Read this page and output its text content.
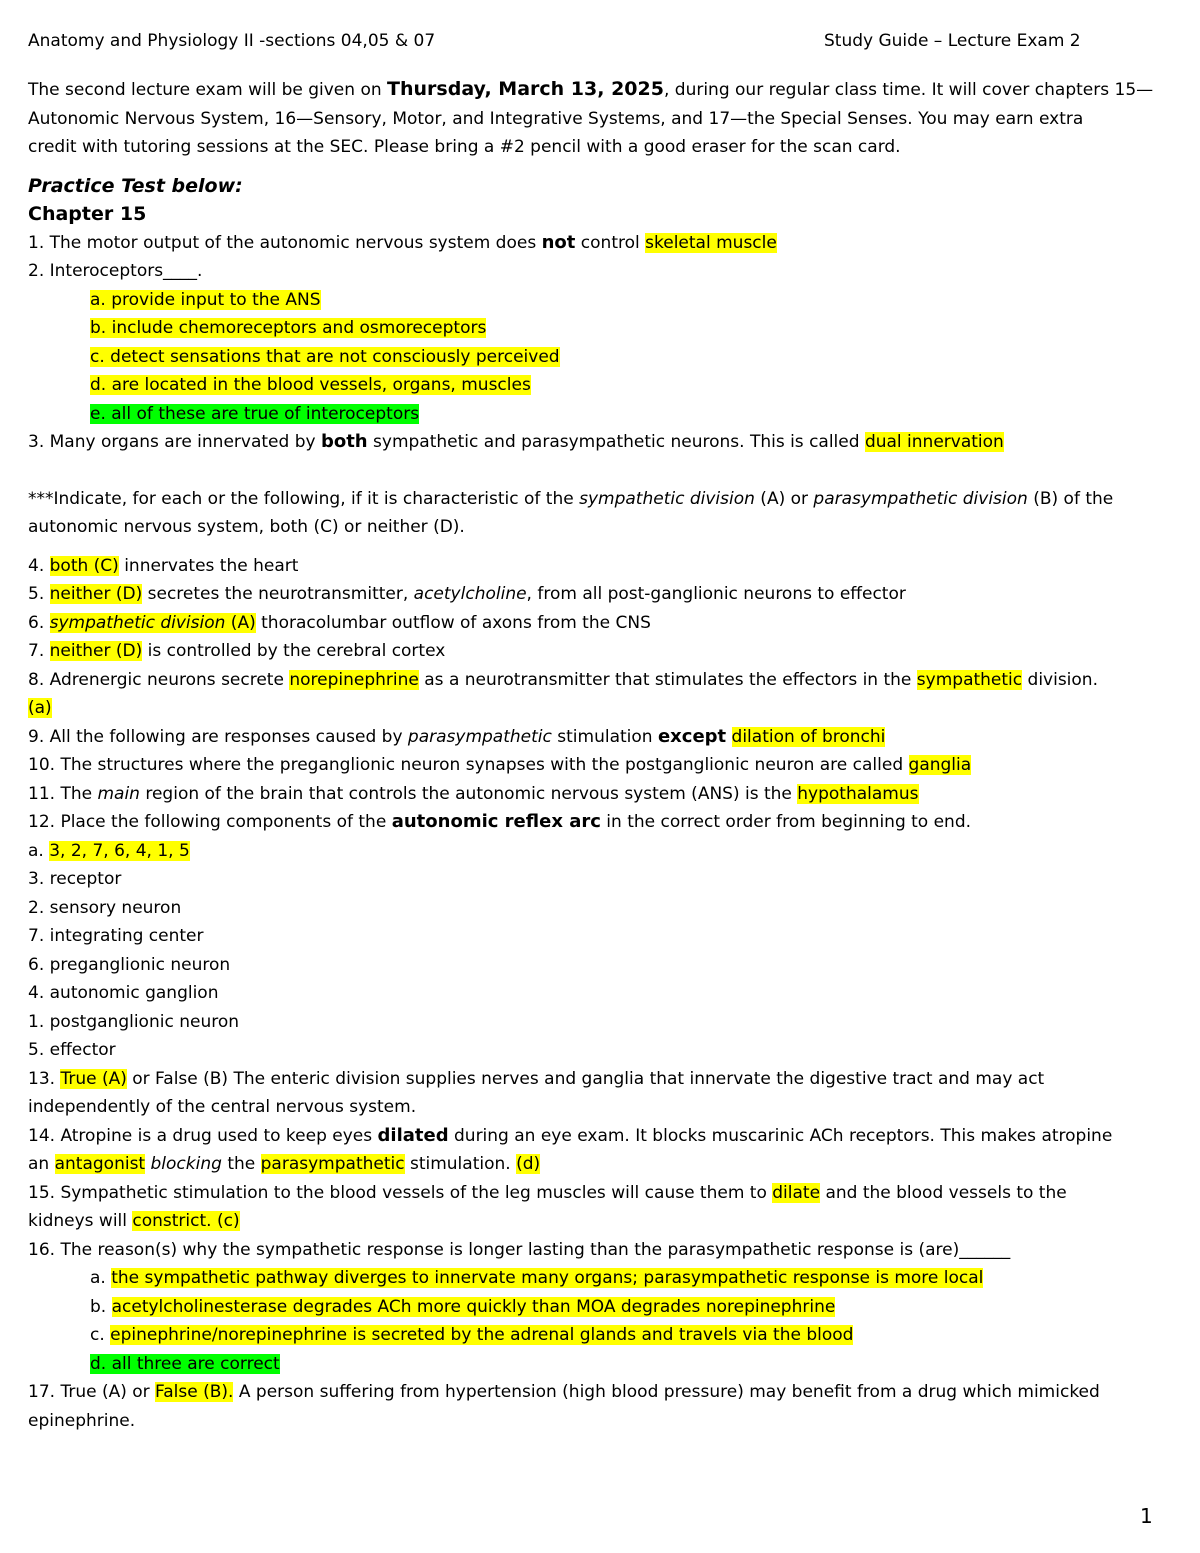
Anatomy and Physiology II -sections 04,05 & 07	Study Guide – Lecture Exam 2
The second lecture exam will be given on Thursday, March 13, 2025, during our regular class time. It will cover chapters 15—
Autonomic Nervous System, 16—Sensory, Motor, and Integrative Systems, and 17—the Special Senses. You may earn extra
credit with tutoring sessions at the SEC. Please bring a #2 pencil with a good eraser for the scan card.
Practice Test below:
Chapter 15
1. The motor output of the autonomic nervous system does not control skeletal muscle
2. Interoceptors____.
a. provide input to the ANS
b. include chemoreceptors and osmoreceptors
c. detect sensations that are not consciously perceived
d. are located in the blood vessels, organs, muscles
e. all of these are true of interoceptors
3. Many organs are innervated by both sympathetic and parasympathetic neurons. This is called dual innervation
***Indicate, for each or the following, if it is characteristic of the sympathetic division (A) or parasympathetic division (B) of the
autonomic nervous system, both (C) or neither (D).
4. both (C) innervates the heart
5. neither (D) secretes the neurotransmitter, acetylcholine, from all post-ganglionic neurons to effector
6. sympathetic division (A) thoracolumbar outflow of axons from the CNS
7. neither (D) is controlled by the cerebral cortex
8. Adrenergic neurons secrete norepinephrine as a neurotransmitter that stimulates the effectors in the sympathetic division.
(a)
9. All the following are responses caused by parasympathetic stimulation except dilation of bronchi
10. The structures where the preganglionic neuron synapses with the postganglionic neuron are called ganglia
11. The main region of the brain that controls the autonomic nervous system (ANS) is the hypothalamus
12. Place the following components of the autonomic reflex arc in the correct order from beginning to end.
a. 3, 2, 7, 6, 4, 1, 5
3. receptor
2. sensory neuron
7. integrating center
6. preganglionic neuron
4. autonomic ganglion
1. postganglionic neuron
5. effector
13. True (A) or False (B) The enteric division supplies nerves and ganglia that innervate the digestive tract and may act
independently of the central nervous system.
14. Atropine is a drug used to keep eyes dilated during an eye exam. It blocks muscarinic ACh receptors. This makes atropine
an antagonist blocking the parasympathetic stimulation. (d)
15. Sympathetic stimulation to the blood vessels of the leg muscles will cause them to dilate and the blood vessels to the
kidneys will constrict. (c)
16. The reason(s) why the sympathetic response is longer lasting than the parasympathetic response is (are)______
a. the sympathetic pathway diverges to innervate many organs; parasympathetic response is more local
b. acetylcholinesterase degrades ACh more quickly than MOA degrades norepinephrine
c. epinephrine/norepinephrine is secreted by the adrenal glands and travels via the blood
d. all three are correct
17. True (A) or False (B). A person suffering from hypertension (high blood pressure) may benefit from a drug which mimicked
epinephrine.
1
